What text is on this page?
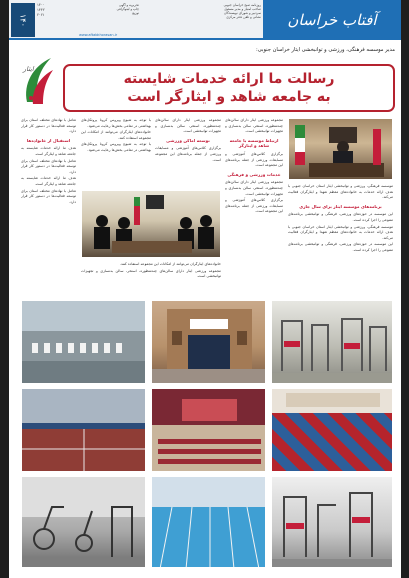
آفتاب خراسان
روزنامه صبح خراسان جنوبی
صاحب امتیاز و مدیر مسئول
سردبیر و شورای نویسندگان
نشانی و تلفن دفتر مرکزی
تحریریه و آگهی
چاپ و لیتوگرافی
توزیع
۱۴۰
۱۴۰۰
۱۴۴۲
۲۰۲۱
www.aftabkhorasan.ir
مدیر موسسه فرهنگی، ورزشی و توانبخشی ایثار خراسان جنوبی:
ایثار
رسالت ما ارائه خدمات شایسته
به جامعه شاهد و ایثارگر است

تعامل با نهادهای مختلف استان برای توسعه فعالیت‌ها در دستور کار قرار دارد.

استقبال از خانواده‌ها

هدف ما ارائه خدمات شایسته به جامعه شاهد و ایثارگر است.

تعامل با نهادهای مختلف استان برای توسعه فعالیت‌ها در دستور کار قرار دارد.

هدف ما ارائه خدمات شایسته به جامعه شاهد و ایثارگر است.

تعامل با نهادهای مختلف استان برای توسعه فعالیت‌ها در دستور کار قرار دارد.

با توجه به شیوع ویروس کرونا پروتکل‌های بهداشتی در تمامی بخش‌ها رعایت می‌شود.

خانواده‌های ایثارگران می‌توانند از امکانات این مجموعه استفاده کنند.

با توجه به شیوع ویروس کرونا پروتکل‌های بهداشتی در تمامی بخش‌ها رعایت می‌شود.

مجموعه ورزشی ایثار دارای سالن‌های چندمنظوره، استخر، سالن بدنسازی و تجهیزات توانبخشی است.

توسعه اماکن ورزشی

برگزاری کلاس‌های آموزشی و مسابقات ورزشی از جمله برنامه‌های این مجموعه است.

خانواده‌های ایثارگران می‌توانند از امکانات این مجموعه استفاده کنند.

مجموعه ورزشی ایثار دارای سالن‌های چندمنظوره، استخر، سالن بدنسازی و تجهیزات توانبخشی است.

مجموعه ورزشی ایثار دارای سالن‌های چندمنظوره، استخر، سالن بدنسازی و تجهیزات توانبخشی است.

ارتباط موسسه با جامعه شاهد و ایثارگر

برگزاری کلاس‌های آموزشی و مسابقات ورزشی از جمله برنامه‌های این مجموعه است.

خدمات ورزشی و فرهنگی

مجموعه ورزشی ایثار دارای سالن‌های چندمنظوره، استخر، سالن بدنسازی و تجهیزات توانبخشی است.

برگزاری کلاس‌های آموزشی و مسابقات ورزشی از جمله برنامه‌های این مجموعه است.

موسسه فرهنگی، ورزشی و توانبخشی ایثار استان خراسان جنوبی با هدف ارائه خدمات به خانواده‌های معظم شهدا و ایثارگران فعالیت می‌کند.

برنامه‌های موسسه ایثار برای سال جاری

این موسسه در حوزه‌های ورزشی، فرهنگی و توانبخشی برنامه‌های متنوعی را اجرا کرده است.

موسسه فرهنگی، ورزشی و توانبخشی ایثار استان خراسان جنوبی با هدف ارائه خدمات به خانواده‌های معظم شهدا و ایثارگران فعالیت می‌کند.

این موسسه در حوزه‌های ورزشی، فرهنگی و توانبخشی برنامه‌های متنوعی را اجرا کرده است.
